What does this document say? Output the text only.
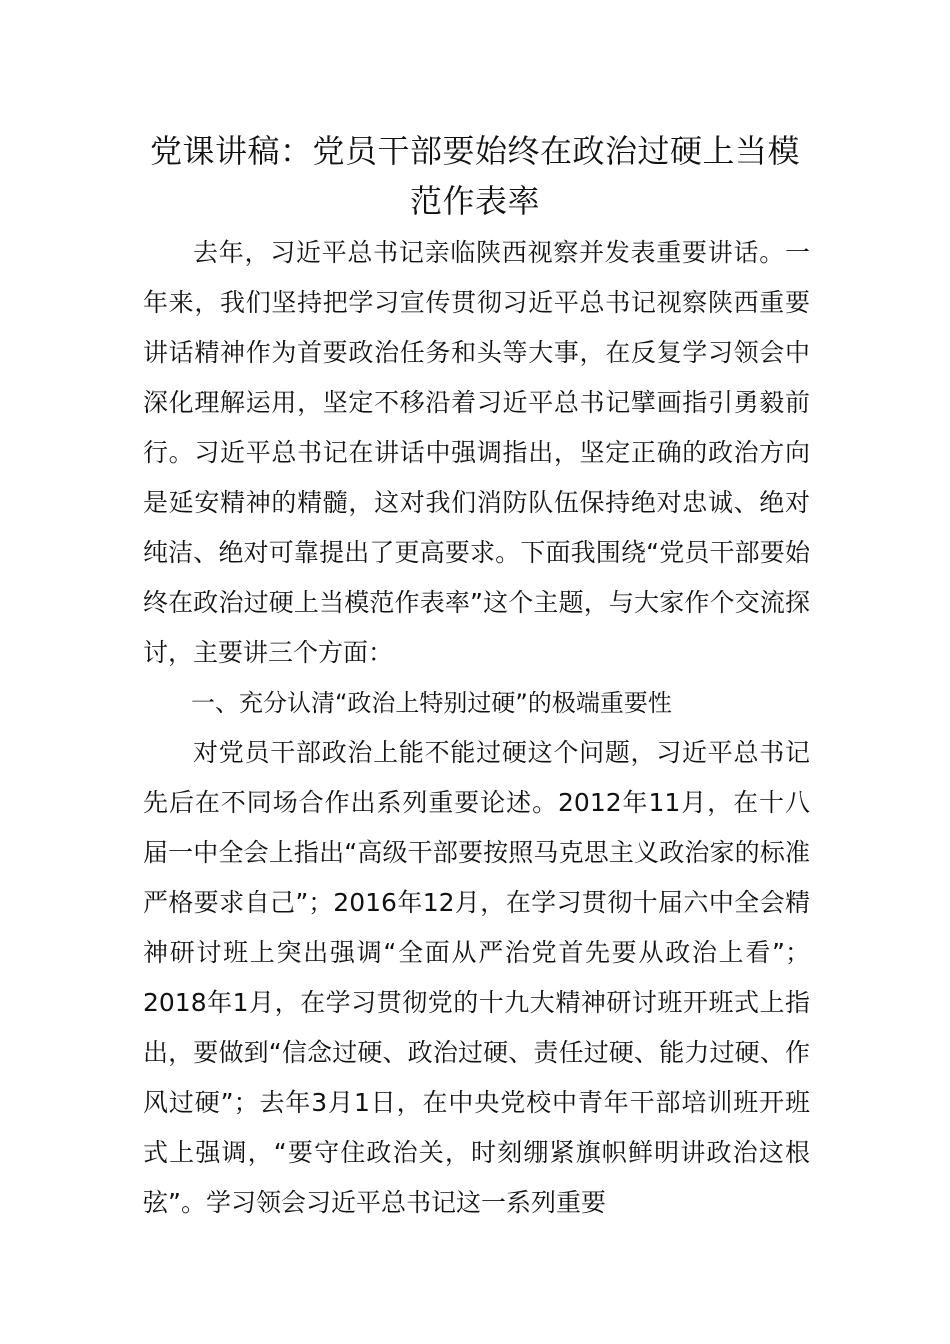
党课讲稿：党员干部要始终在政治过硬上当模范作表率

去年，习近平总书记亲临陕西视察并发表重要讲话。一年来，我们坚持把学习宣传贯彻习近平总书记视察陕西重要讲话精神作为首要政治任务和头等大事，在反复学习领会中深化理解运用，坚定不移沿着习近平总书记擘画指引勇毅前行。习近平总书记在讲话中强调指出，坚定正确的政治方向是延安精神的精髓，这对我们消防队伍保持绝对忠诚、绝对纯洁、绝对可靠提出了更高要求。下面我围绕“党员干部要始终在政治过硬上当模范作表率”这个主题，与大家作个交流探讨，主要讲三个方面：

一、充分认清“政治上特别过硬”的极端重要性

对党员干部政治上能不能过硬这个问题，习近平总书记先后在不同场合作出系列重要论述。2012年11月，在十八届一中全会上指出“高级干部要按照马克思主义政治家的标准严格要求自己”；2016年12月，在学习贯彻十届六中全会精神研讨班上突出强调“全面从严治党首先要从政治上看”；2018年1月，在学习贯彻党的十九大精神研讨班开班式上指出，要做到“信念过硬、政治过硬、责任过硬、能力过硬、作风过硬”；去年3月1日，在中央党校中青年干部培训班开班式上强调，“要守住政治关，时刻绷紧旗帜鲜明讲政治这根弦”。学习领会习近平总书记这一系列重要
